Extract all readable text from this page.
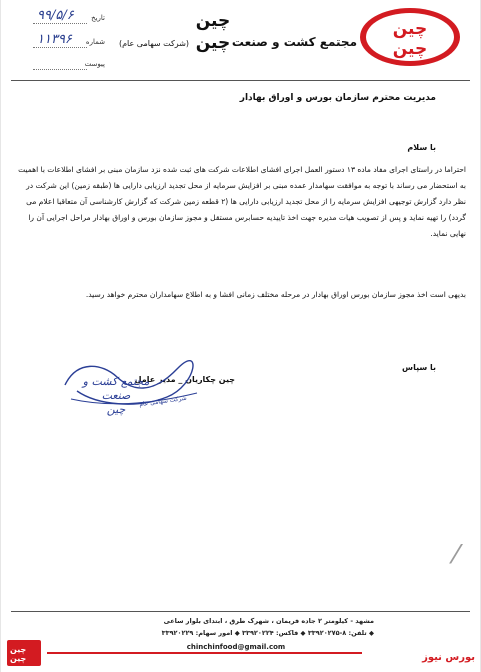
چین
چین
چین
چین مجتمع کشت و صنعت
(شرکت سهامی عام)
تاریخ
۹۹/۵/۶
شماره
۱۱۳۹۶
پیوست
مدیریت محترم سازمان بورس و اوراق بهادار
با سلام
احتراما در راستای اجرای مفاد ماده ۱۳ دستور العمل اجرای افشای اطلاعات شرکت های ثبت شده نزد سازمان مبنی بر افشای اطلاعات با اهمیت به استحضار می رساند با توجه به موافقت سهامدار عمده مبنی بر افزایش سرمایه از محل تجدید ارزیابی دارایی ها (طبقه زمین) این شرکت در نظر دارد گزارش توجیهی افزایش سرمایه را از محل تجدید ارزیابی دارایی ها (۲ قطعه زمین شرکت که گزارش کارشناسی آن متعاقبا اعلام می گردد) را تهیه نماید و پس از تصویب هیات مدیره جهت اخذ تاییدیه حسابرس مستقل و مجوز سازمان بورس و اوراق بهادار مراحل اجرایی آن را نهایی نماید.
بدیهی است اخذ مجوز سازمان بورس اوراق بهادار در مرحله مختلف زمانی افشا و به اطلاع سهامداران محترم خواهد رسید.
با سپاس
چین چکاریان _ مدیر عامل
مجتمع کشت و صنعت
چین
شرکت سهامی عام
⁄
مشهد - کیلومتر ۲ جاده فریمان ، شهرک طرق ، ابتدای بلوار ساعی
◆ تلفن: ۸-۳۳۹۲۰۲۷۵ ◆ فاکس: ۳۳۹۲۰۲۲۴ ◆ امور سهام: ۳۳۹۲۰۲۲۹
chinchinfood@gmail.com
چین چین	بورس نیوز
